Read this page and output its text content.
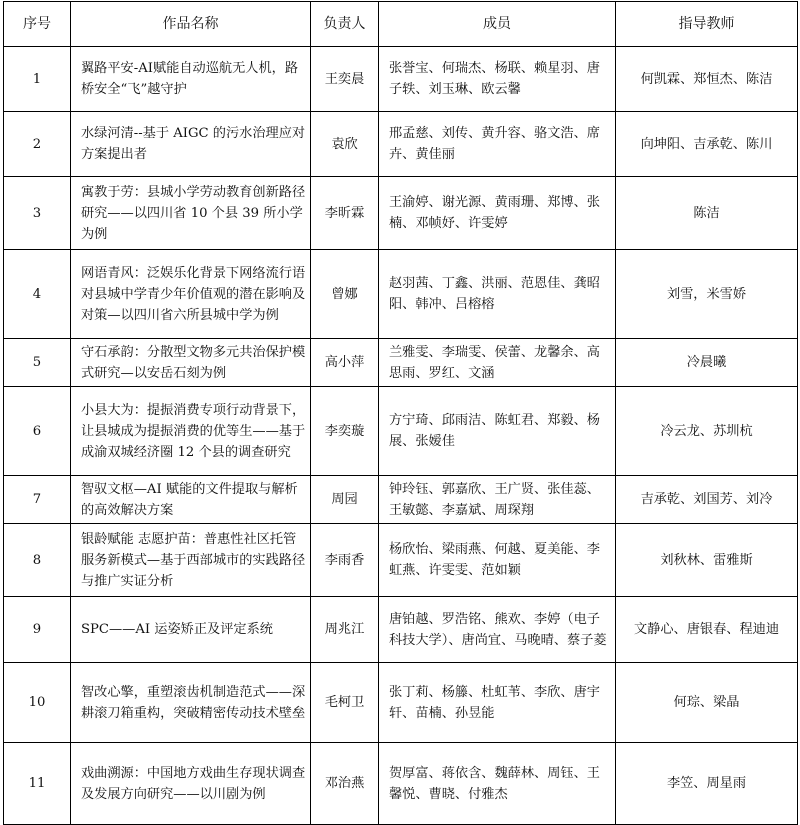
序号	作品名称	负责人	成员	指导教师
1	翼路平安-AI赋能自动巡航无人机，路桥安全“飞”越守护	王奕晨	张誉宝、何瑞杰、杨联、赖星羽、唐子轶、刘玉琳、欧云馨	何凯霖、郑恒杰、陈洁
2	水绿河清--基于 AIGC 的污水治理应对方案提出者	袁欣	邢孟慈、刘传、黄升容、骆文浩、席卉、黄佳丽	向坤阳、吉承乾、陈川
3	寓教于劳：县城小学劳动教育创新路径研究——以四川省 10 个县 39 所小学为例	李昕霖	王渝婷、谢光源、黄雨珊、郑博、张楠、邓帧妤、许雯婷	陈洁
4	网语青风：泛娱乐化背景下网络流行语对县城中学青少年价值观的潜在影响及对策—以四川省六所县城中学为例	曾娜	赵羽茜、丁鑫、洪丽、范恩佳、龚昭阳、韩冲、吕榕榕	刘雪，米雪娇
5	守石承韵：分散型文物多元共治保护模式研究—以安岳石刻为例	高小萍	兰雅雯、李瑞雯、侯蕾、龙馨余、高思雨、罗红、文涵	冷晨曦
6	小县大为：提振消费专项行动背景下，让县城成为提振消费的优等生——基于成渝双城经济圈 12 个县的调查研究	李奕璇	方宁琦、邱雨洁、陈虹君、郑毅、杨展、张嫒佳	冷云龙、苏圳杭
7	智驭文枢—AI 赋能的文件提取与解析的高效解决方案	周园	钟玲钰、郭嘉欣、王广贤、张佳蕊、王敏懿、李嘉斌、周琛翔	吉承乾、刘国芳、刘冷
8	银龄赋能 志愿护苗：普惠性社区托管服务新模式—基于西部城市的实践路径与推广实证分析	李雨香	杨欣怡、梁雨燕、何越、夏美能、李虹燕、许雯雯、范如颖	刘秋林、雷雅斯
9	SPC——AI 运姿矫正及评定系统	周兆江	唐铂越、罗浩铭、熊欢、李婷（电子科技大学）、唐尚宜、马晚晴、蔡子菱	文静心、唐银春、程迪迪
10	智改心擎，重塑滚齿机制造范式——深耕滚刀箱重构，突破精密传动技术壁垒	毛柯卫	张丁莉、杨籐、杜虹苇、李欣、唐宇轩、苗楠、孙昱能	何琮、梁晶
11	戏曲溯源：中国地方戏曲生存现状调查及发展方向研究——以川剧为例	邓治燕	贺厚富、蒋依含、魏薛林、周钰、王馨悦、曹晓、付雅杰	李笠、周星雨
